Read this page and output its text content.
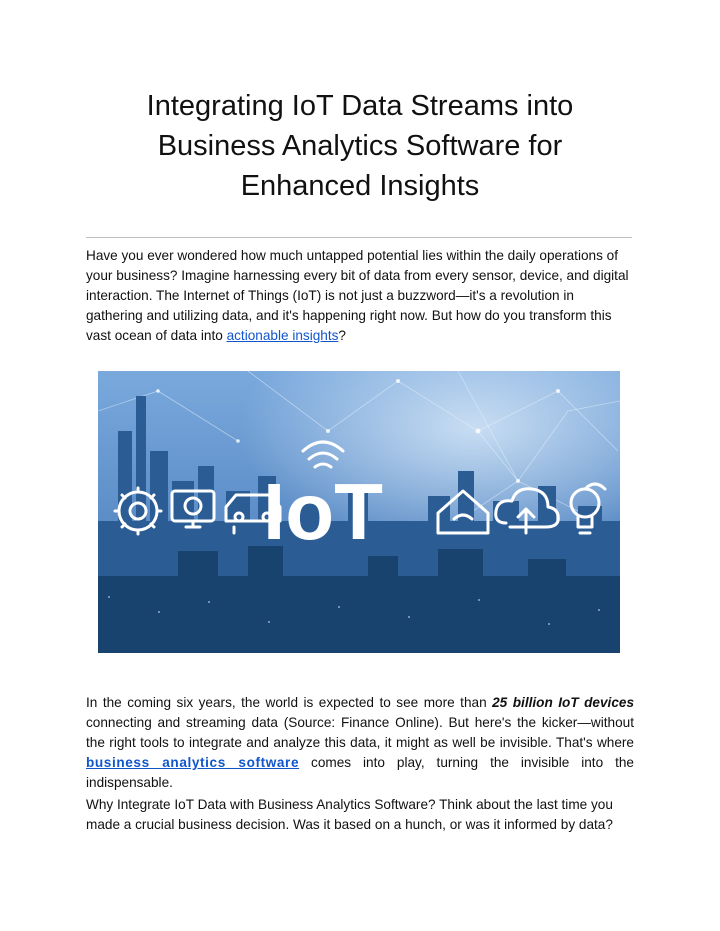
Integrating IoT Data Streams into
Business Analytics Software for
Enhanced Insights

Have you ever wondered how much untapped potential lies within the daily operations of your business? Imagine harnessing every bit of data from every sensor, device, and digital interaction. The Internet of Things (IoT) is not just a buzzword—it's a revolution in gathering and utilizing data, and it's happening right now. But how do you transform this vast ocean of data into actionable insights?

IoT

In the coming six years, the world is expected to see more than 25 billion IoT devices connecting and streaming data (Source: Finance Online). But here's the kicker—without the right tools to integrate and analyze this data, it might as well be invisible. That's where business analytics software comes into play, turning the invisible into the indispensable.

Why Integrate IoT Data with Business Analytics Software? Think about the last time you made a crucial business decision. Was it based on a hunch, or was it informed by data?
